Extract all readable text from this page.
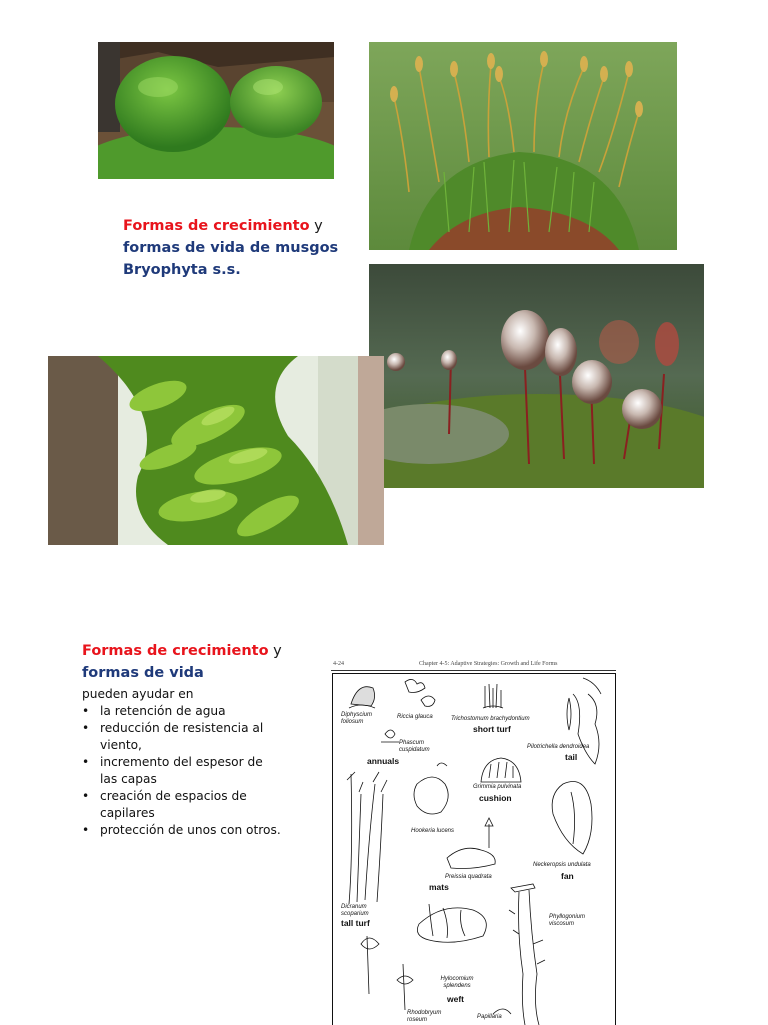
Formas de crecimiento y
formas de vida de musgos
Bryophyta s.s.
Formas de crecimiento y
formas de vida
pueden ayudar en
• la retención de agua
• reducción de resistencia al viento,
• incremento del espesor de las capas
• creación de espacios de capilares
• protección de unos con otros.
4-24	Chapter 4-5: Adaptive Strategies: Growth and Life Forms
Diphyscium foliosum
Riccia glauca	Trichostomum brachydontium
short turf
Phascum cuspidatum
annuals
Pilotrichella dendroidea
tail
Grimmia pulvinata
cushion
Hookeria lucens
Neckeropsis undulata
fan
Preissia quadrata
mats
Dicranum scoparium
tall turf
Phyllogonium viscosum
Hylocomium splendens
weft
Rhodobryum roseum	Papillaria
